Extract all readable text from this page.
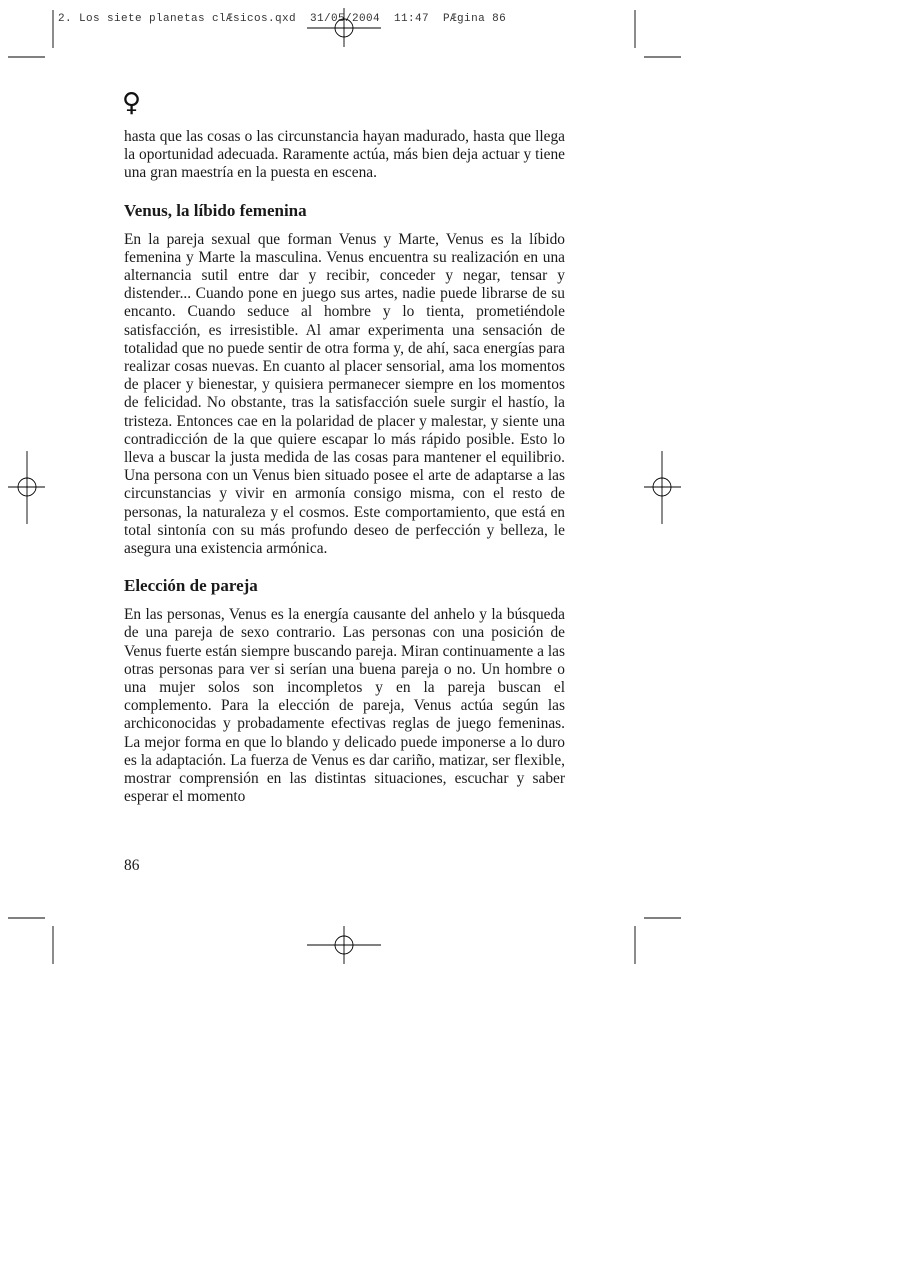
2. Los siete planetas clÆsicos.qxd  31/05/2004  11:47  PÆgina 86
♀

hasta que las cosas o las circunstancia hayan madurado, hasta que llega la oportunidad adecuada. Raramente actúa, más bien deja actuar y tiene una gran maestría en la puesta en escena.

Venus, la líbido femenina

En la pareja sexual que forman Venus y Marte, Venus es la líbido femenina y Marte la masculina. Venus encuentra su realización en una alternancia sutil entre dar y recibir, conceder y negar, tensar y distender... Cuando pone en juego sus artes, nadie puede librarse de su encanto. Cuando seduce al hombre y lo tienta, prometiéndole satisfacción, es irresistible. Al amar experimenta una sensación de totalidad que no puede sentir de otra forma y, de ahí, saca energías para realizar cosas nuevas. En cuanto al placer sensorial, ama los momentos de placer y bienestar, y quisiera permanecer siempre en los momentos de felicidad. No obstante, tras la satisfacción suele surgir el hastío, la tristeza. Entonces cae en la polaridad de placer y malestar, y siente una contradicción de la que quiere escapar lo más rápido posible. Esto lo lleva a buscar la justa medida de las cosas para mantener el equilibrio. Una persona con un Venus bien situado posee el arte de adaptarse a las circunstancias y vivir en armonía consigo misma, con el resto de personas, la naturaleza y el cosmos. Este comportamiento, que está en total sintonía con su más profundo deseo de perfección y belleza, le asegura una existencia armónica.

Elección de pareja

En las personas, Venus es la energía causante del anhelo y la búsqueda de una pareja de sexo contrario. Las personas con una posición de Venus fuerte están siempre buscando pareja. Miran continuamente a las otras personas para ver si serían una buena pareja o no. Un hombre o una mujer solos son incompletos y en la pareja buscan el complemento. Para la elección de pareja, Venus actúa según las archiconocidas y probadamente efectivas reglas de juego femeninas. La mejor forma en que lo blando y delicado puede imponerse a lo duro es la adaptación. La fuerza de Venus es dar cariño, matizar, ser flexible, mostrar comprensión en las distintas situaciones, escuchar y saber esperar el momento

86
